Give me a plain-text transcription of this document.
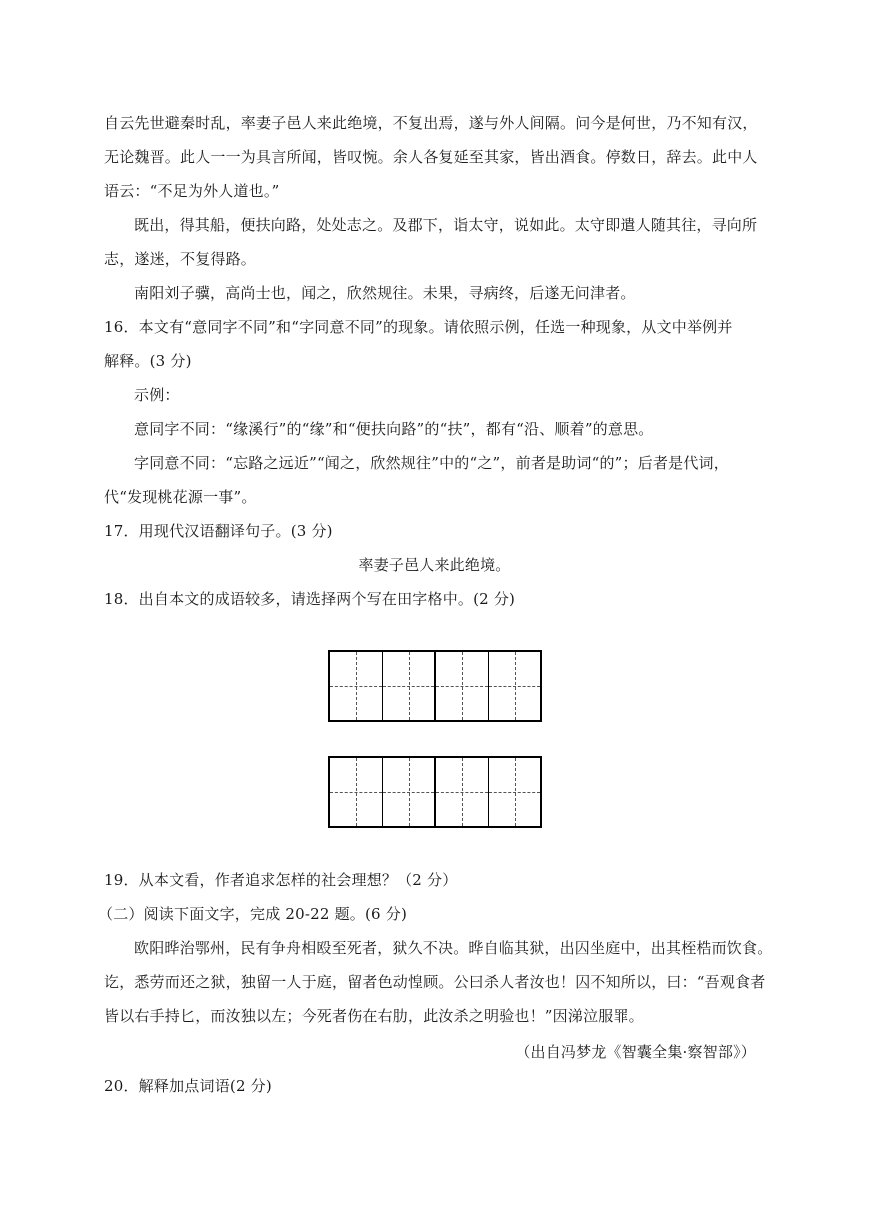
自云先世避秦时乱，率妻子邑人来此绝境，不复出焉，遂与外人间隔。问今是何世，乃不知有汉，
无论魏晋。此人一一为具言所闻，皆叹惋。余人各复延至其家，皆出酒食。停数日，辞去。此中人
语云：“不足为外人道也。”
既出，得其船，便扶向路，处处志之。及郡下，诣太守，说如此。太守即遣人随其往，寻向所
志，遂迷，不复得路。
南阳刘子骥，高尚士也，闻之，欣然规往。未果，寻病终，后遂无问津者。
16．本文有“意同字不同”和“字同意不同”的现象。请依照示例，任选一种现象，从文中举例并
解释。(3 分)
示例：
意同字不同：“缘溪行”的“缘”和“便扶向路”的“扶”，都有“沿、顺着”的意思。
字同意不同：“忘路之远近”“闻之，欣然规往”中的“之”，前者是助词“的”；后者是代词，
代“发现桃花源一事”。
17．用现代汉语翻译句子。(3 分)
率妻子邑人来此绝境。
18．出自本文的成语较多，请选择两个写在田字格中。(2 分)
19．从本文看，作者追求怎样的社会理想？（2 分）
（二）阅读下面文字，完成 20-22 题。(6 分)
欧阳晔治鄂州，民有争舟相殴至死者，狱久不决。晔自临其狱，出囚坐庭中，出其桎梏而饮食。
讫，悉劳而还之狱，独留一人于庭，留者色动惶顾。公曰杀人者汝也！囚不知所以，曰：“吾观食者
皆以右手持匕，而汝独以左；今死者伤在右肋，此汝杀之明验也！”因涕泣服罪。
（出自冯梦龙《智囊全集·察智部》）
20．解释加点词语(2 分)
